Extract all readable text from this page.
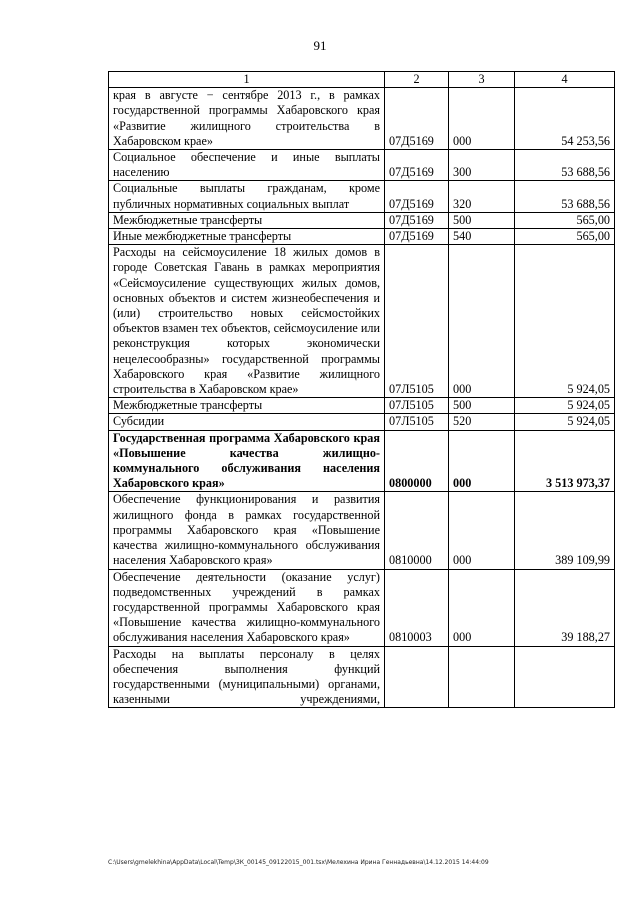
91
1	2	3	4
края в августе − сентябре 2013 г., в рамках государственной программы Хабаровского края «Развитие жилищного строительства в Хабаровском крае»	07Д5169	000	54 253,56
Социальное обеспечение и иные выплаты населению	07Д5169	300	53 688,56
Социальные выплаты гражданам, кроме публичных нормативных социальных выплат	07Д5169	320	53 688,56
Межбюджетные трансферты	07Д5169	500	565,00
Иные межбюджетные трансферты	07Д5169	540	565,00
Расходы на сейсмоусиление 18 жилых домов в городе Советская Гавань в рамках мероприятия «Сейсмоусиление существующих жилых домов, основных объектов и систем жизнеобеспечения и (или) строительство новых сейсмостойких объектов взамен тех объектов, сейсмоусиление или реконструкция которых экономически нецелесообразны» государственной программы Хабаровского края «Развитие жилищного строительства в Хабаровском крае»	07Л5105	000	5 924,05
Межбюджетные трансферты	07Л5105	500	5 924,05
Субсидии	07Л5105	520	5 924,05
Государственная программа Хабаровского края «Повышение качества жилищно-коммунального обслуживания населения Хабаровского края»	0800000	000	3 513 973,37
Обеспечение функционирования и развития жилищного фонда в рамках государственной программы Хабаровского края «Повышение качества жилищно-коммунального обслуживания населения Хабаровского края»	0810000	000	389 109,99
Обеспечение деятельности (оказание услуг) подведомственных учреждений в рамках государственной программы Хабаровского края «Повышение качества жилищно-коммунального обслуживания населения Хабаровского края»	0810003	000	39 188,27
Расходы на выплаты персоналу в целях обеспечения выполнения функций государственными (муниципальными) органами, казенными учреждениями,			
C:\Users\gmelekhina\AppData\Local\Temp\ЗК_00145_09122015_001.tsx\Мелехина Ирина Геннадьевна\14.12.2015 14:44:09
